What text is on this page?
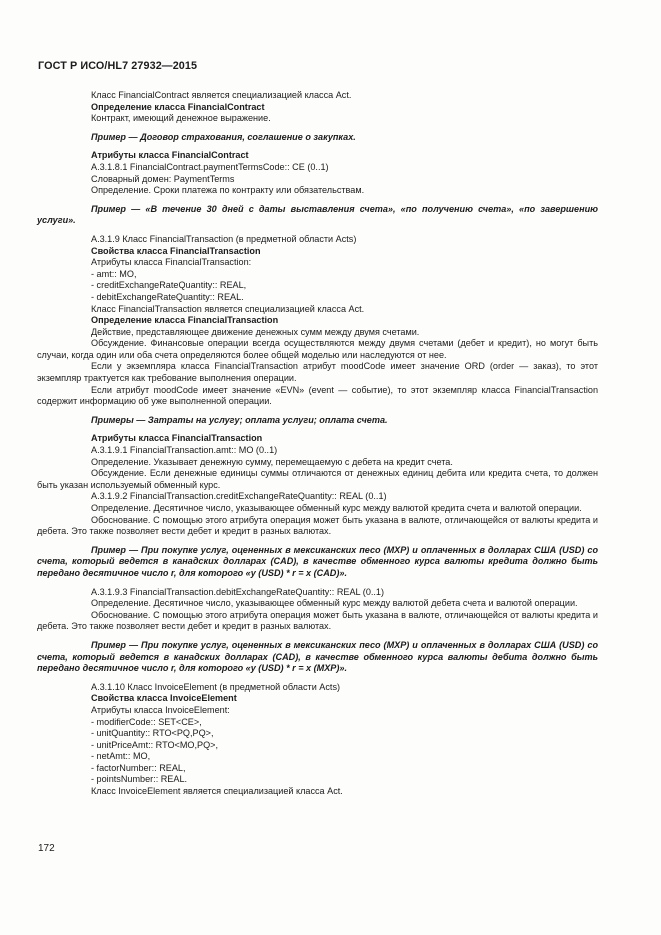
ГОСТ Р ИСО/HL7 27932—2015

Класс FinancialContract является специализацией класса Act.

Определение класса FinancialContract

Контракт, имеющий денежное выражение.

Пример — Договор страхования, соглашение о закупках.

Атрибуты класса FinancialContract

A.3.1.8.1 FinancialContract.paymentTermsCode:: CE (0..1)

Словарный домен: PaymentTerms

Определение. Сроки платежа по контракту или обязательствам.

Пример — «В течение 30 дней с даты выставления счета», «по получению счета», «по завершению услуги».

A.3.1.9 Класс FinancialTransaction (в предметной области Acts)

Свойства класса FinancialTransaction

Атрибуты класса FinancialTransaction:

- amt:: MO,

- creditExchangeRateQuantity:: REAL,

- debitExchangeRateQuantity:: REAL.

Класс FinancialTransaction является специализацией класса Act.

Определение класса FinancialTransaction

Действие, представляющее движение денежных сумм между двумя счетами.

Обсуждение. Финансовые операции всегда осуществляются между двумя счетами (дебет и кредит), но могут быть случаи, когда один или оба счета определяются более общей моделью или наследуются от нее.

Если у экземпляра класса FinancialTransaction атрибут moodCode имеет значение ORD (order — заказ), то этот экземпляр трактуется как требование выполнения операции.

Если атрибут moodCode имеет значение «EVN» (event — событие), то этот экземпляр класса FinancialTransaction содержит информацию об уже выполненной операции.

Примеры — Затраты на услугу; оплата услуги; оплата счета.

Атрибуты класса FinancialTransaction

A.3.1.9.1 FinancialTransaction.amt:: MO (0..1)

Определение. Указывает денежную сумму, перемещаемую с дебета на кредит счета.

Обсуждение. Если денежные единицы суммы отличаются от денежных единиц дебита или кредита счета, то должен быть указан используемый обменный курс.

A.3.1.9.2 FinancialTransaction.creditExchangeRateQuantity:: REAL (0..1)

Определение. Десятичное число, указывающее обменный курс между валютой кредита счета и валютой операции.

Обоснование. С помощью этого атрибута операция может быть указана в валюте, отличающейся от валюты кредита и дебета. Это также позволяет вести дебет и кредит в разных валютах.

Пример — При покупке услуг, оцененных в мексиканских песо (MXP) и оплаченных в долларах США (USD) со счета, который ведется в канадских долларах (CAD), в качестве обменного курса валюты кредита должно быть передано десятичное число r, для которого «у (USD) * r = x (CAD)».

A.3.1.9.3 FinancialTransaction.debitExchangeRateQuantity:: REAL (0..1)

Определение. Десятичное число, указывающее обменный курс между валютой дебета счета и валютой операции.

Обоснование. С помощью этого атрибута операция может быть указана в валюте, отличающейся от валюты кредита и дебета. Это также позволяет вести дебет и кредит в разных валютах.

Пример — При покупке услуг, оцененных в мексиканских песо (MXP) и оплаченных в долларах США (USD) со счета, который ведется в канадских долларах (CAD), в качестве обменного курса валюты дебита должно быть передано десятичное число r, для которого «у (USD) * r = x (MXP)».

A.3.1.10 Класс InvoiceElement (в предметной области Acts)

Свойства класса InvoiceElement

Атрибуты класса InvoiceElement:

- modifierCode:: SET<CE>,

- unitQuantity:: RTO<PQ,PQ>,

- unitPriceAmt:: RTO<MO,PQ>,

- netAmt:: MO,

- factorNumber:: REAL,

- pointsNumber:: REAL.

Класс InvoiceElement является специализацией класса Act.

172
